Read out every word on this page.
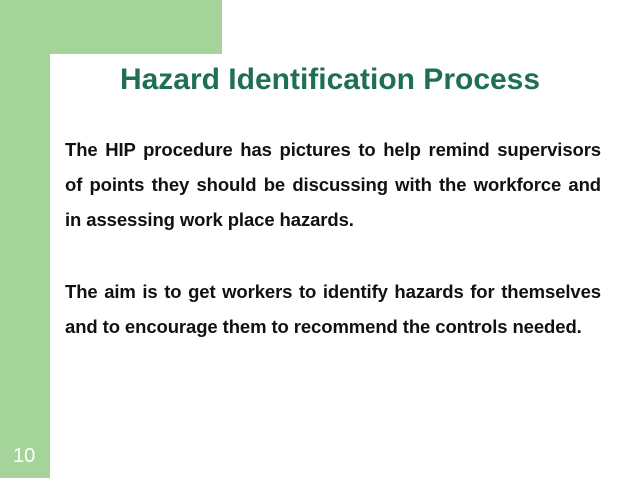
Hazard Identification Process

The HIP procedure has pictures to help remind supervisors of points they should be discussing with the workforce and in assessing work place hazards.

The aim is to get workers to identify hazards for themselves and to encourage them to recommend the controls needed.

10
